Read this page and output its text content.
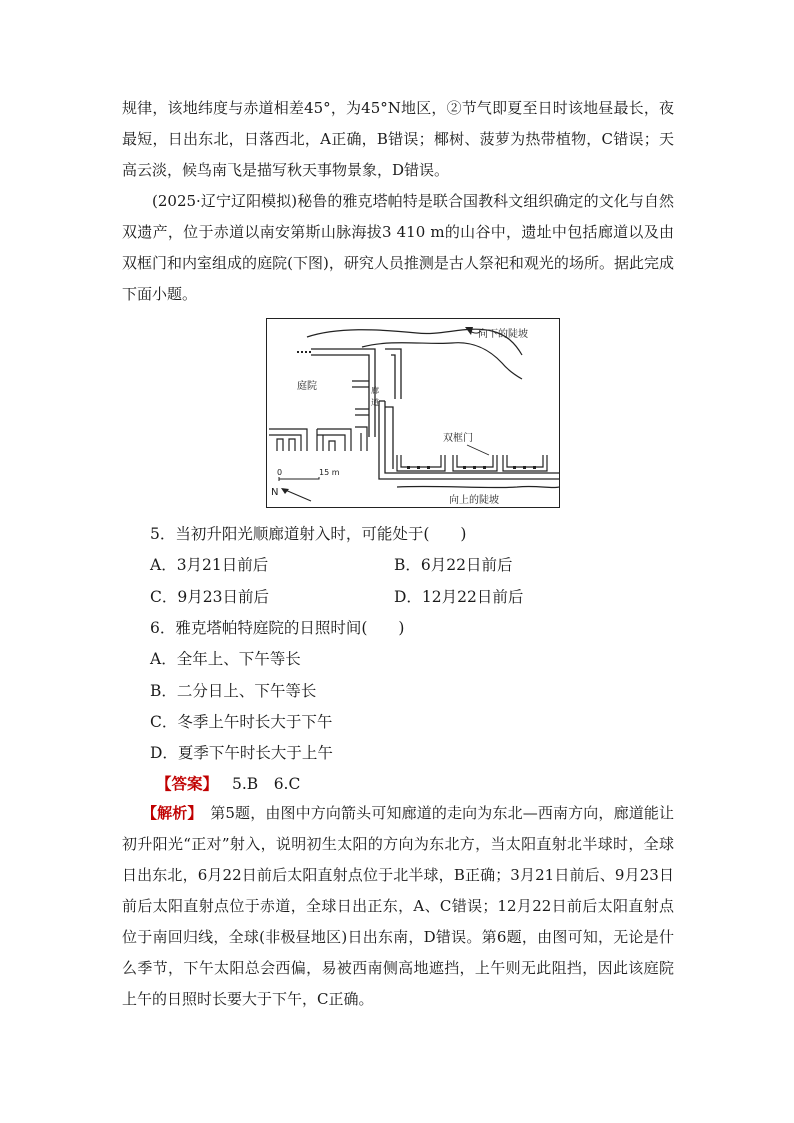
规律，该地纬度与赤道相差45°，为45°N地区，②节气即夏至日时该地昼最长，夜最短，日出东北，日落西北，A正确，B错误；椰树、菠萝为热带植物，C错误；天高云淡，候鸟南飞是描写秋天事物景象，D错误。

(2025·辽宁辽阳模拟)秘鲁的雅克塔帕特是联合国教科文组织确定的文化与自然双遗产，位于赤道以南安第斯山脉海拔3 410 m的山谷中，遗址中包括廊道以及由双框门和内室组成的庭院(下图)，研究人员推测是古人祭祀和观光的场所。据此完成下面小题。

向下的陡坡
庭院	廊
道
双框门
向上的陡坡
0	15 m
N
5．当初升阳光顺廊道射入时，可能处于(　　)
A．3月21日前后	B．6月22日前后
C．9月23日前后	D．12月22日前后
6．雅克塔帕特庭院的日照时间(　　)
A．全年上、下午等长
B．二分日上、下午等长
C．冬季上午时长大于下午
D．夏季下午时长大于上午
【答案】 5.B　6.C

【解析】　 第5题，由图中方向箭头可知廊道的走向为东北—西南方向，廊道能让初升阳光“正对”射入，说明初生太阳的方向为东北方，当太阳直射北半球时，全球日出东北，6月22日前后太阳直射点位于北半球，B正确；3月21日前后、9月23日前后太阳直射点位于赤道，全球日出正东，A、C错误；12月22日前后太阳直射点位于南回归线，全球(非极昼地区)日出东南，D错误。第6题，由图可知，无论是什么季节，下午太阳总会西偏，易被西南侧高地遮挡，上午则无此阻挡，因此该庭院上午的日照时长要大于下午，C正确。
